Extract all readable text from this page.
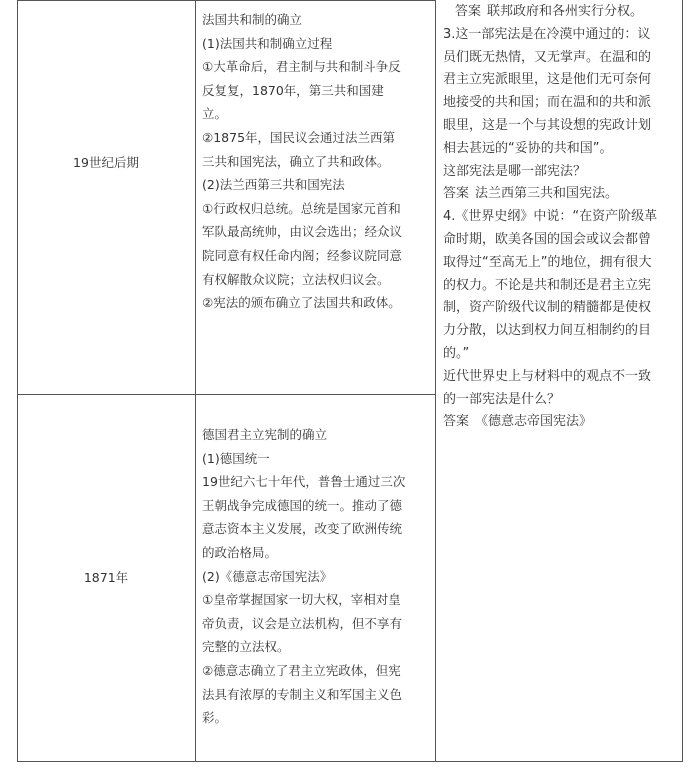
19世纪后期

法国共和制的确立

(1)法国共和制确立过程

①大革命后，君主制与共和制斗争反

反复复，1870年，第三共和国建

立。

②1875年，国民议会通过法兰西第

三共和国宪法，确立了共和政体。

(2)法兰西第三共和国宪法

①行政权归总统。总统是国家元首和

军队最高统帅，由议会选出；经众议

院同意有权任命内阁；经参议院同意

有权解散众议院；立法权归议会。

②宪法的颁布确立了法国共和政体。

1871年

德国君主立宪制的确立

(1)德国统一

19世纪六七十年代，普鲁士通过三次

王朝战争完成德国的统一。推动了德

意志资本主义发展，改变了欧洲传统

的政治格局。

(2)《德意志帝国宪法》

①皇帝掌握国家一切大权，宰相对皇

帝负责，议会是立法机构，但不享有

完整的立法权。

②德意志确立了君主立宪政体，但宪

法具有浓厚的专制主义和军国主义色

彩。

答案 联邦政府和各州实行分权。

3.这一部宪法是在冷漠中通过的：议

员们既无热情，又无掌声。在温和的

君主立宪派眼里，这是他们无可奈何

地接受的共和国；而在温和的共和派

眼里，这是一个与其设想的宪政计划

相去甚远的“妥协的共和国”。

这部宪法是哪一部宪法？

答案 法兰西第三共和国宪法。

4.《世界史纲》中说：“在资产阶级革

命时期，欧美各国的国会或议会都曾

取得过“至高无上”的地位，拥有很大

的权力。不论是共和制还是君主立宪

制，资产阶级代议制的精髓都是使权

力分散，以达到权力间互相制约的目

的。”

近代世界史上与材料中的观点不一致

的一部宪法是什么？

答案 《德意志帝国宪法》
